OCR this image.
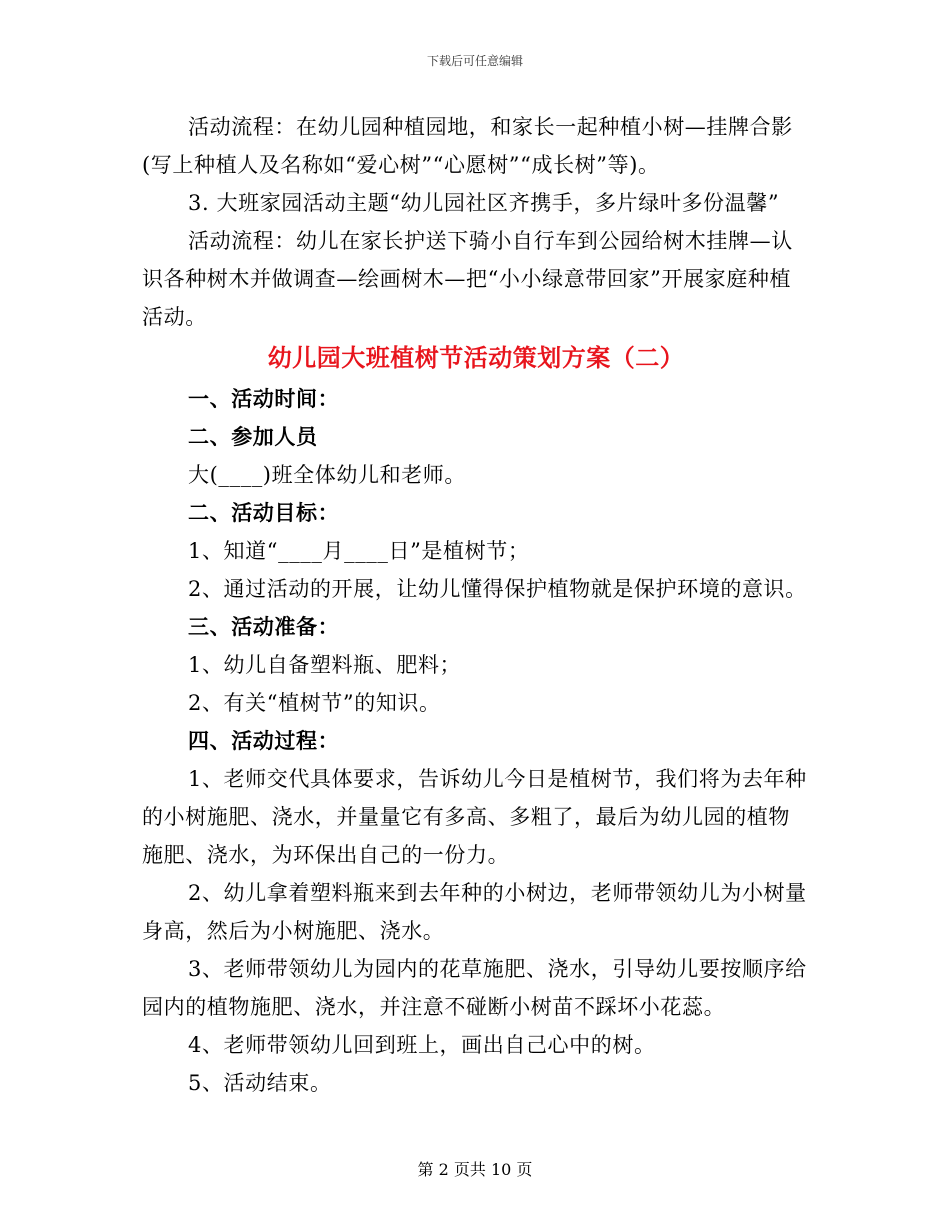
下载后可任意编辑

活动流程：在幼儿园种植园地，和家长一起种植小树—挂牌合影(写上种植人及名称如“爱心树”“心愿树”“成长树”等)。

3. 大班家园活动主题“幼儿园社区齐携手，多片绿叶多份温馨”

活动流程：幼儿在家长护送下骑小自行车到公园给树木挂牌—认识各种树木并做调查—绘画树木—把“小小绿意带回家”开展家庭种植活动。

幼儿园大班植树节活动策划方案（二）

一、活动时间：

二、参加人员

大(____)班全体幼儿和老师。

二、活动目标：

1、知道“____月____日”是植树节；

2、通过活动的开展，让幼儿懂得保护植物就是保护环境的意识。

三、活动准备：

1、幼儿自备塑料瓶、肥料；

2、有关“植树节”的知识。

四、活动过程：

1、老师交代具体要求，告诉幼儿今日是植树节，我们将为去年种的小树施肥、浇水，并量量它有多高、多粗了，最后为幼儿园的植物施肥、浇水，为环保出自己的一份力。

2、幼儿拿着塑料瓶来到去年种的小树边，老师带领幼儿为小树量身高，然后为小树施肥、浇水。

3、老师带领幼儿为园内的花草施肥、浇水，引导幼儿要按顺序给园内的植物施肥、浇水，并注意不碰断小树苗不踩坏小花蕊。

4、老师带领幼儿回到班上，画出自己心中的树。

5、活动结束。

第 2 页共 10 页
